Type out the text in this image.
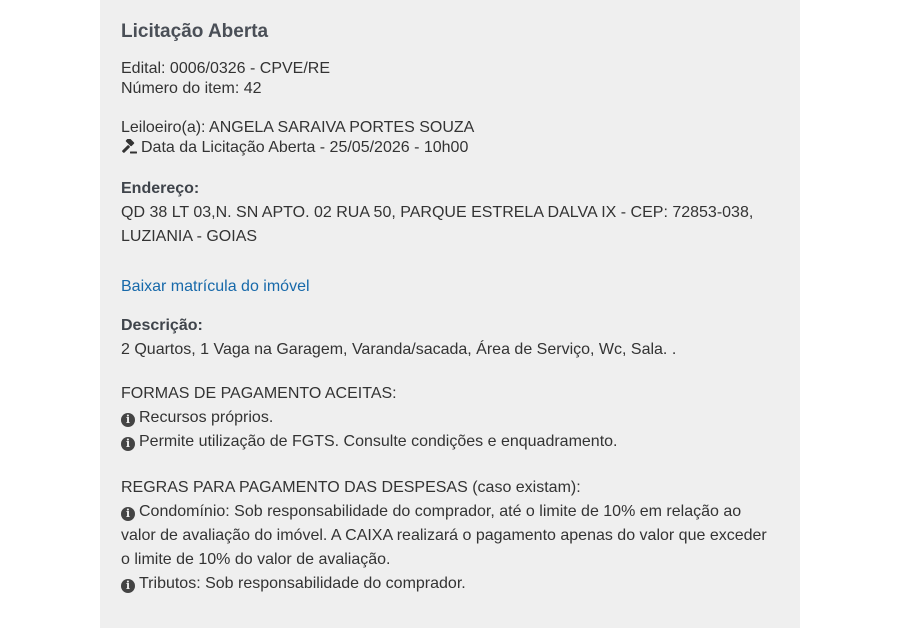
Licitação Aberta
Edital: 0006/0326 - CPVE/RE
Número do item: 42
Leiloeiro(a): ANGELA SARAIVA PORTES SOUZA
Data da Licitação Aberta - 25/05/2026 - 10h00
Endereço:
QD 38 LT 03,N. SN APTO. 02 RUA 50, PARQUE ESTRELA DALVA IX - CEP: 72853-038,
LUZIANIA - GOIAS
Baixar matrícula do imóvel
Descrição:
2 Quartos, 1 Vaga na Garagem, Varanda/sacada, Área de Serviço, Wc, Sala. .
FORMAS DE PAGAMENTO ACEITAS:
i Recursos próprios.
i Permite utilização de FGTS. Consulte condições e enquadramento.
REGRAS PARA PAGAMENTO DAS DESPESAS (caso existam):
i Condomínio: Sob responsabilidade do comprador, até o limite de 10% em relação ao
valor de avaliação do imóvel. A CAIXA realizará o pagamento apenas do valor que exceder
o limite de 10% do valor de avaliação.
i Tributos: Sob responsabilidade do comprador.
